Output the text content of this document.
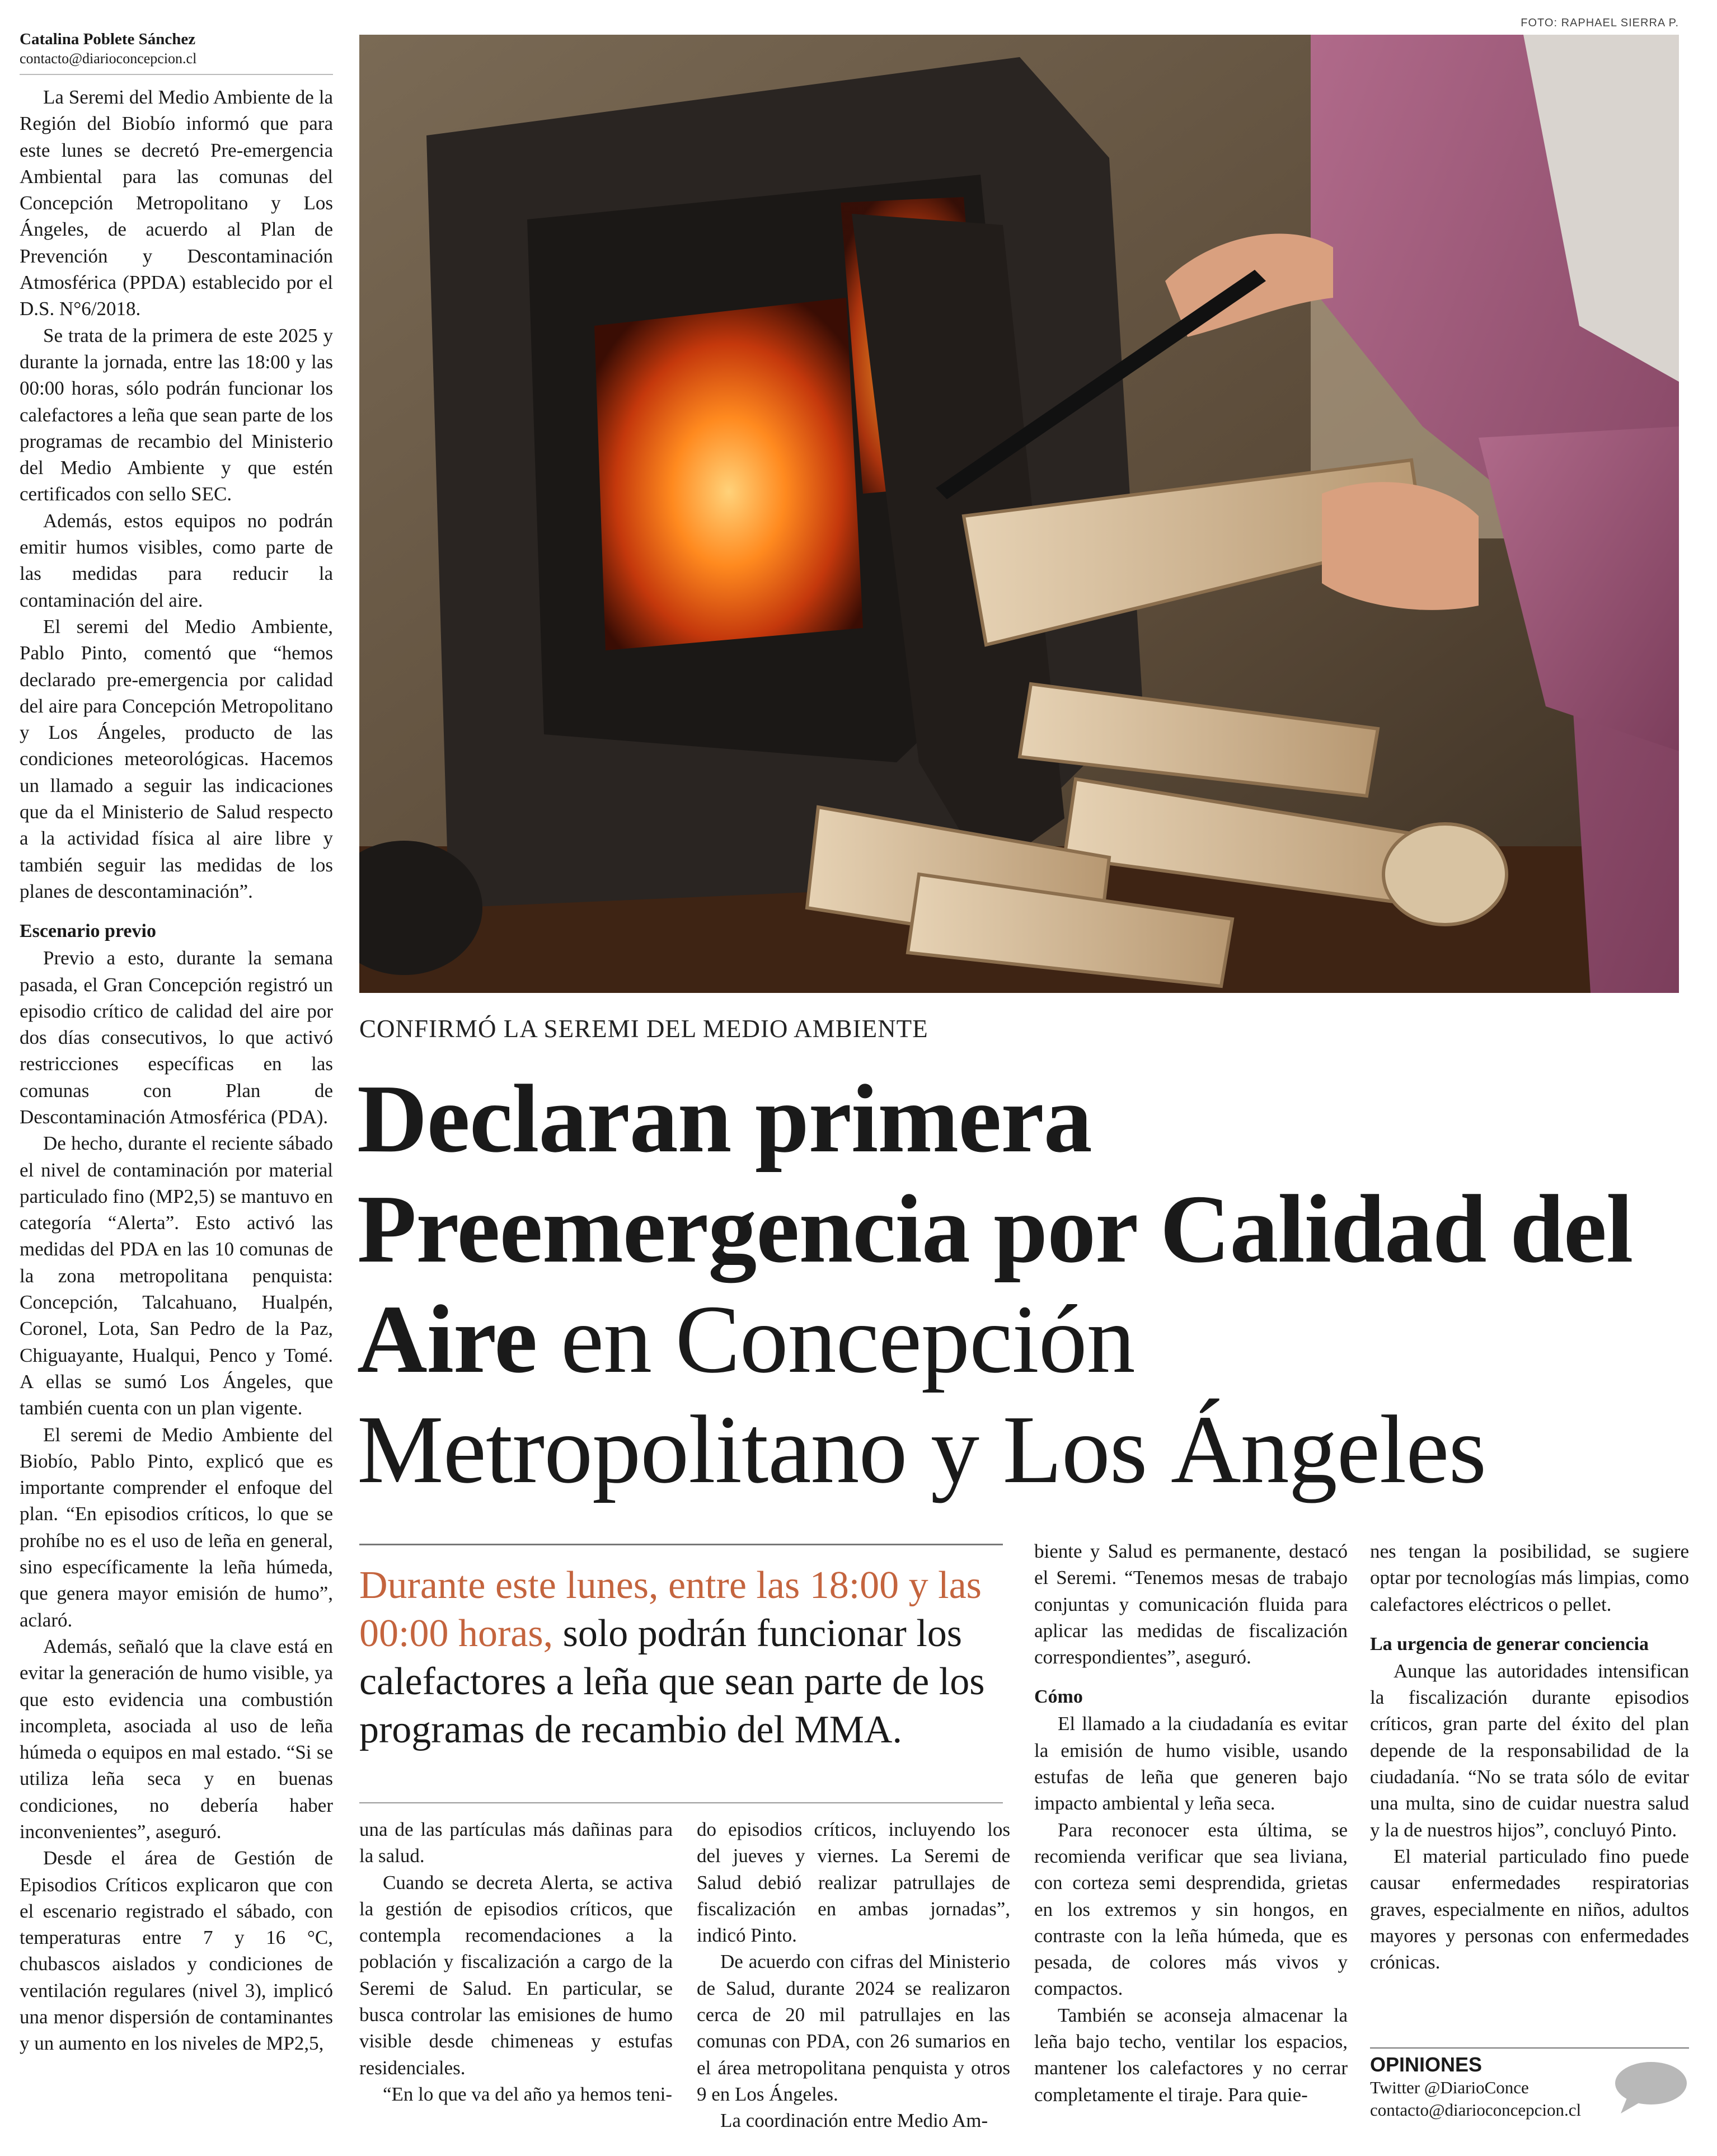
Catalina Poblete Sánchez
contacto@diarioconcepcion.cl

La Seremi del Medio Ambiente de la Región del Biobío informó que para este lunes se decretó Pre-emergencia Ambiental para las comunas del Concepción Metropolitano y Los Ángeles, de acuerdo al Plan de Prevención y Descontaminación Atmosférica (PPDA) establecido por el D.S. N°6/2018.

Se trata de la primera de este 2025 y durante la jornada, entre las 18:00 y las 00:00 horas, sólo podrán funcionar los calefactores a leña que sean parte de los programas de recambio del Ministerio del Medio Ambiente y que estén certificados con sello SEC.

Además, estos equipos no podrán emitir humos visibles, como parte de las medidas para reducir la contaminación del aire.

El seremi del Medio Ambiente, Pablo Pinto, comentó que “hemos declarado pre-emergencia por calidad del aire para Concepción Metropolitano y Los Ángeles, producto de las condiciones meteorológicas. Hacemos un llamado a seguir las indicaciones que da el Ministerio de Salud respecto a la actividad física al aire libre y también seguir las medidas de los planes de descontaminación”.

Escenario previo

Previo a esto, durante la semana pasada, el Gran Concepción registró un episodio crítico de calidad del aire por dos días consecutivos, lo que activó restricciones específicas en las comunas con Plan de Descontaminación Atmosférica (PDA).

De hecho, durante el reciente sábado el nivel de contaminación por material particulado fino (MP2,5) se mantuvo en categoría “Alerta”. Esto activó las medidas del PDA en las 10 comunas de la zona metropolitana penquista: Concepción, Talcahuano, Hualpén, Coronel, Lota, San Pedro de la Paz, Chiguayante, Hualqui, Penco y Tomé. A ellas se sumó Los Ángeles, que también cuenta con un plan vigente.

El seremi de Medio Ambiente del Biobío, Pablo Pinto, explicó que es importante comprender el enfoque del plan. “En episodios críticos, lo que se prohíbe no es el uso de leña en general, sino específicamente la leña húmeda, que genera mayor emisión de humo”, aclaró.

Además, señaló que la clave está en evitar la generación de humo visible, ya que esto evidencia una combustión incompleta, asociada al uso de leña húmeda o equipos en mal estado. “Si se utiliza leña seca y en buenas condiciones, no debería haber inconvenientes”, aseguró.

Desde el área de Gestión de Episodios Críticos explicaron que con el escenario registrado el sábado, con temperaturas entre 7 y 16 °C, chubascos aislados y condiciones de ventilación regulares (nivel 3), implicó una menor dispersión de contaminantes y un aumento en los niveles de MP2,5,

FOTO: RAPHAEL SIERRA P.
CONFIRMÓ LA SEREMI DEL MEDIO AMBIENTE
Declaran primera Preemergencia por Calidad del Aire en Concepción Metropolitano y Los Ángeles
Durante este lunes, entre las 18:00 y las 00:00 horas, solo podrán funcionar los calefactores a leña que sean parte de los programas de recambio del MMA.

una de las partículas más dañinas para la salud.

Cuando se decreta Alerta, se activa la gestión de episodios críticos, que contempla recomendaciones a la población y fiscalización a cargo de la Seremi de Salud. En particular, se busca controlar las emisiones de humo visible desde chimeneas y estufas residenciales.

“En lo que va del año ya hemos teni-

do episodios críticos, incluyendo los del jueves y viernes. La Seremi de Salud debió realizar patrullajes de fiscalización en ambas jornadas”, indicó Pinto.

De acuerdo con cifras del Ministerio de Salud, durante 2024 se realizaron cerca de 20 mil patrullajes en las comunas con PDA, con 26 sumarios en el área metropolitana penquista y otros 9 en Los Ángeles.

La coordinación entre Medio Am-

biente y Salud es permanente, destacó el Seremi. “Tenemos mesas de trabajo conjuntas y comunicación fluida para aplicar las medidas de fiscalización correspondientes”, aseguró.

Cómo

El llamado a la ciudadanía es evitar la emisión de humo visible, usando estufas de leña que generen bajo impacto ambiental y leña seca.

Para reconocer esta última, se recomienda verificar que sea liviana, con corteza semi desprendida, grietas en los extremos y sin hongos, en contraste con la leña húmeda, que es pesada, de colores más vivos y compactos.

También se aconseja almacenar la leña bajo techo, ventilar los espacios, mantener los calefactores y no cerrar completamente el tiraje. Para quie-

nes tengan la posibilidad, se sugiere optar por tecnologías más limpias, como calefactores eléctricos o pellet.

La urgencia de generar conciencia

Aunque las autoridades intensifican la fiscalización durante episodios críticos, gran parte del éxito del plan depende de la responsabilidad de la ciudadanía. “No se trata sólo de evitar una multa, sino de cuidar nuestra salud y la de nuestros hijos”, concluyó Pinto.

El material particulado fino puede causar enfermedades respiratorias graves, especialmente en niños, adultos mayores y personas con enfermedades crónicas.

OPINIONES
Twitter @DiarioConce
contacto@diarioconcepcion.cl
